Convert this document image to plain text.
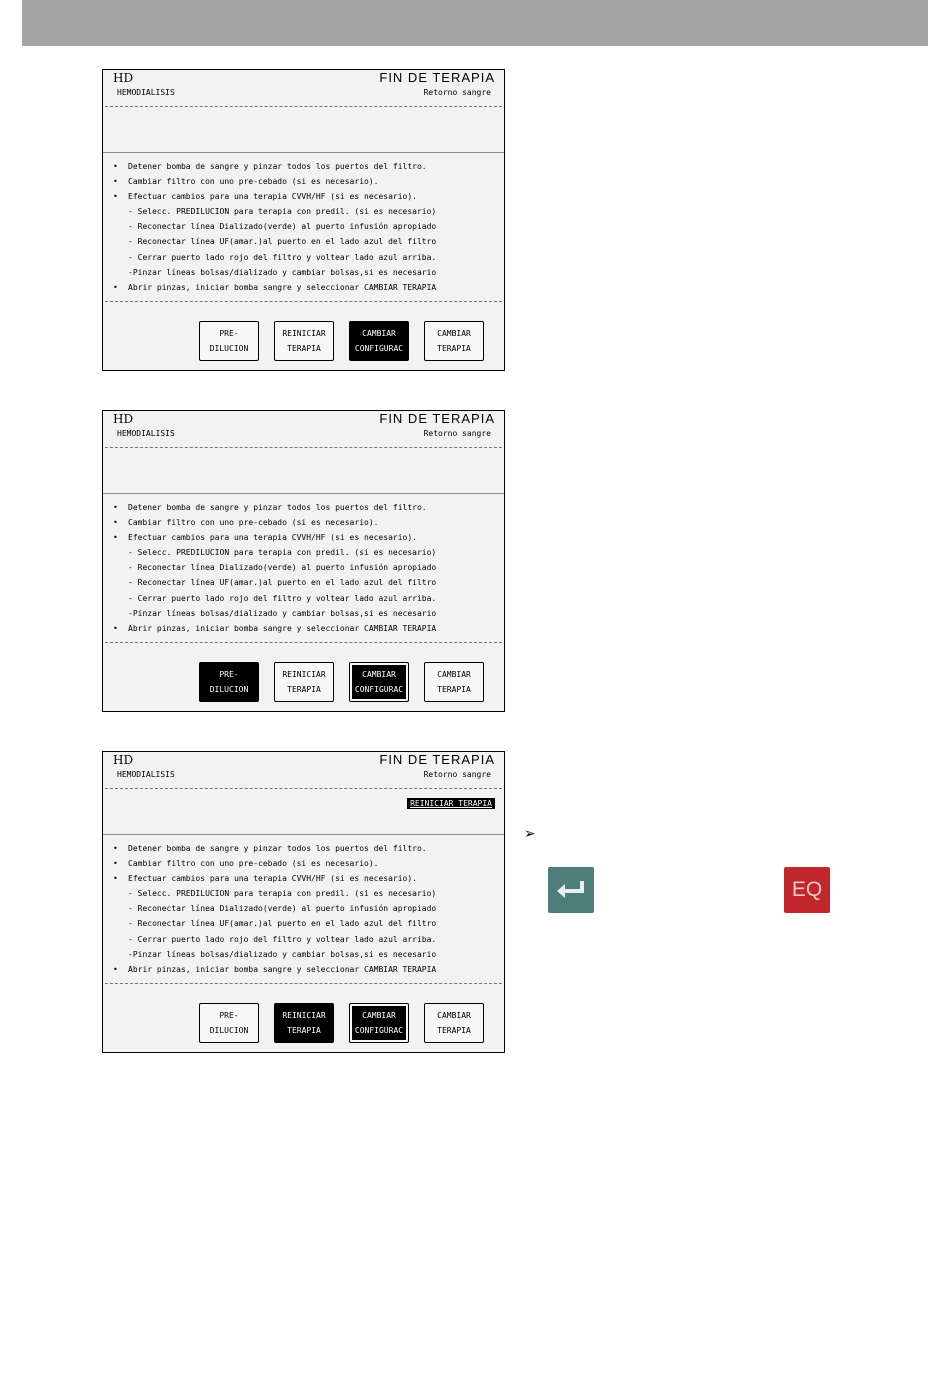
HD
HEMODIALISIS
FIN DE TERAPIA
Retorno sangre
• Detener bomba de sangre y pinzar todos los puertos del filtro.
• Cambiar filtro con uno pre-cebado (si es necesario).
• Efectuar cambios para una terapia CVVH/HF (si es necesario).
- Selecc. PREDILUCION para terapia con predil. (si es necesario)
- Reconectar línea Dializado(verde) al puerto infusión apropiado
- Reconectar línea UF(amar.)al puerto en el lado azul del filtro
- Cerrar puerto lado rojo del filtro y voltear lado azul arriba.
-Pinzar líneas bolsas/dializado y cambiar bolsas,si es necesario
• Abrir pinzas, iniciar bomba sangre y seleccionar CAMBIAR TERAPIA
PRE-
DILUCION
REINICIAR
TERAPIA
CAMBIAR
CONFIGURAC
CAMBIAR
TERAPIA
HD
HEMODIALISIS
FIN DE TERAPIA
Retorno sangre
• Detener bomba de sangre y pinzar todos los puertos del filtro.
• Cambiar filtro con uno pre-cebado (si es necesario).
• Efectuar cambios para una terapia CVVH/HF (si es necesario).
- Selecc. PREDILUCION para terapia con predil. (si es necesario)
- Reconectar línea Dializado(verde) al puerto infusión apropiado
- Reconectar línea UF(amar.)al puerto en el lado azul del filtro
- Cerrar puerto lado rojo del filtro y voltear lado azul arriba.
-Pinzar líneas bolsas/dializado y cambiar bolsas,si es necesario
• Abrir pinzas, iniciar bomba sangre y seleccionar CAMBIAR TERAPIA
PRE-
DILUCION
REINICIAR
TERAPIA
CAMBIAR
CONFIGURAC
CAMBIAR
TERAPIA
HD
HEMODIALISIS
FIN DE TERAPIA
Retorno sangre
REINICIAR TERAPIA
• Detener bomba de sangre y pinzar todos los puertos del filtro.
• Cambiar filtro con uno pre-cebado (si es necesario).
• Efectuar cambios para una terapia CVVH/HF (si es necesario).
- Selecc. PREDILUCION para terapia con predil. (si es necesario)
- Reconectar línea Dializado(verde) al puerto infusión apropiado
- Reconectar línea UF(amar.)al puerto en el lado azul del filtro
- Cerrar puerto lado rojo del filtro y voltear lado azul arriba.
-Pinzar líneas bolsas/dializado y cambiar bolsas,si es necesario
• Abrir pinzas, iniciar bomba sangre y seleccionar CAMBIAR TERAPIA
PRE-
DILUCION
REINICIAR
TERAPIA
CAMBIAR
CONFIGURAC
CAMBIAR
TERAPIA
➢
EQ
